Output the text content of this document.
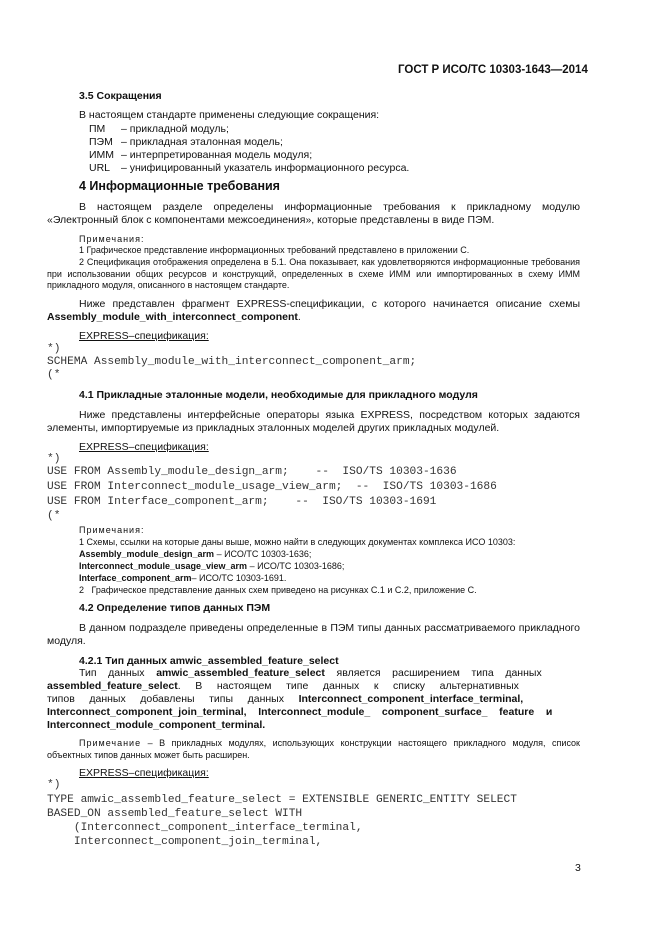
ГОСТ Р ИСО/ТС 10303-1643—2014
3.5 Сокращения
В настоящем стандарте применены следующие сокращения:
ПМ – прикладной модуль;
ПЭМ – прикладная эталонная модель;
ИММ – интерпретированная модель модуля;
URL – унифицированный указатель информационного ресурса.
4 Информационные требования
В настоящем разделе определены информационные требования к прикладному модулю «Электронный блок с компонентами межсоединения», которые представлены в виде ПЭМ.
Примечания:
1 Графическое представление информационных требований представлено в приложении С.
2 Спецификация отображения определена в 5.1. Она показывает, как удовлетворяются информационные требования при использовании общих ресурсов и конструкций, определенных в схеме ИММ или импортированных в схему ИММ прикладного модуля, описанного в настоящем стандарте.
Ниже представлен фрагмент EXPRESS-спецификации, с которого начинается описание схемы Assembly_module_with_interconnect_component.
EXPRESS–спецификация:
*)
SCHEMA Assembly_module_with_interconnect_component_arm;
(*
4.1 Прикладные эталонные модели, необходимые для прикладного модуля
Ниже представлены интерфейсные операторы языка EXPRESS, посредством которых задаются элементы, импортируемые из прикладных эталонных моделей других прикладных модулей.
EXPRESS–спецификация:
*)
USE FROM Assembly_module_design_arm;    --  ISO/TS 10303-1636
USE FROM Interconnect_module_usage_view_arm;  --  ISO/TS 10303-1686
USE FROM Interface_component_arm;    --  ISO/TS 10303-1691
(*
Примечания:
1 Схемы, ссылки на которые даны выше, можно найти в следующих документах комплекса ИСО 10303:
Assembly_module_design_arm – ИСО/ТС 10303-1636;
Interconnect_module_usage_view_arm – ИСО/ТС 10303-1686;
Interface_component_arm– ИСО/ТС 10303-1691.
2   Графическое представление данных схем приведено на рисунках С.1 и С.2, приложение С.
4.2 Определение типов данных ПЭМ
В данном подразделе приведены определенные в ПЭМ типы данных рассматриваемого прикладного модуля.
4.2.1 Тип данных amwic_assembled_feature_select
Тип    данных    amwic_assembled_feature_select    является    расширением    типа    данных
assembled_feature_select.     В     настоящем     типе     данных     к     списку     альтернативных
типов     данных     добавлены     типы     данных     Interconnect_component_interface_terminal,
Interconnect_component_join_terminal,    Interconnect_module_    component_surface_    feature    и
Interconnect_module_component_terminal.
Примечание – В прикладных модулях, использующих конструкции настоящего прикладного модуля, список объектных типов данных может быть расширен.
EXPRESS–спецификация:
*)
TYPE amwic_assembled_feature_select = EXTENSIBLE GENERIC_ENTITY SELECT
BASED_ON assembled_feature_select WITH
(Interconnect_component_interface_terminal,
Interconnect_component_join_terminal,
3
